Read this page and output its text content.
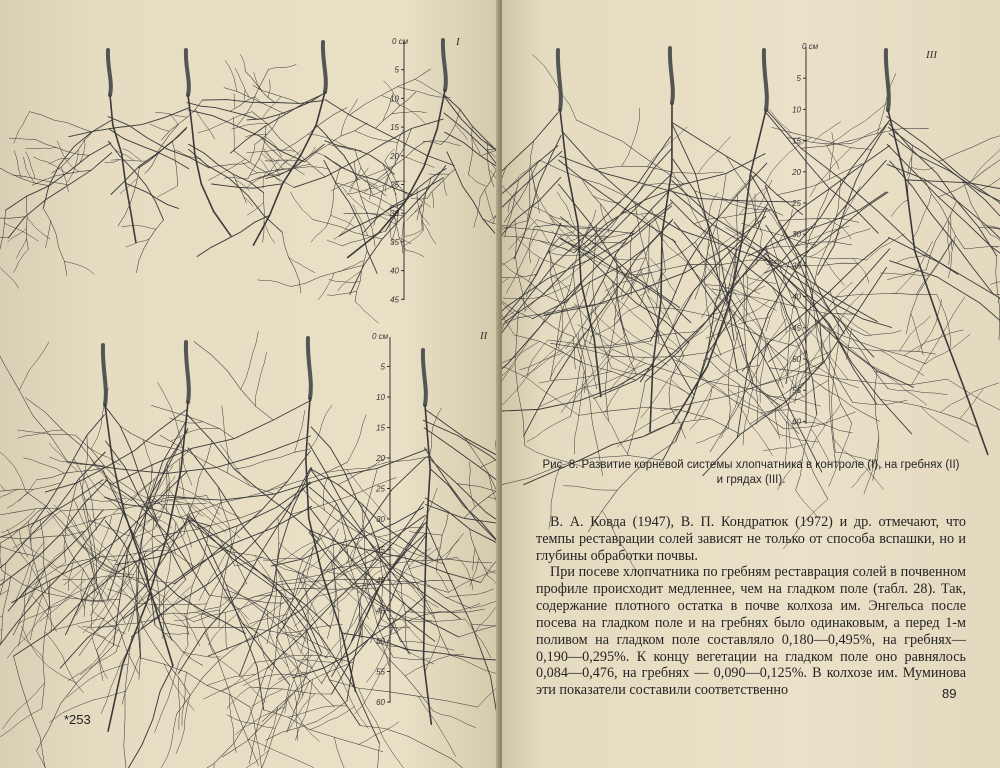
5
10
15
20
25
30
35
40
45
0 см	I
5
10
15
20
25
30
35
40
45
50
55
60
0 см	II
*253
5
10
15
20
25
30
35
40
45
50
55
60
0 см
III
Рис. 8. Развитие корневой системы хлопчатника в контроле (I), на гребнях (II)
и грядах (III).
В. А. Ковда (1947), В. П. Кондратюк (1972) и др. отмечают, что темпы реставрации солей зависят не только от способа вспашки, но и глубины обработки почвы.
При посеве хлопчатника по гребням реставрация солей в почвенном профиле происходит медленнее, чем на гладком поле (табл. 28). Так, содержание плотного остатка в почве колхоза им. Энгельса после посева на гладком поле и на гребнях было одинаковым, а перед 1-м поливом на гладком поле составляло 0,180—0,495%, на гребнях—0,190—0,295%. К концу вегетации на гладком поле оно равнялось 0,084—0,476, на гребнях — 0,090—0,125%. В колхозе им. Муминова эти показатели составили соответственно	89
